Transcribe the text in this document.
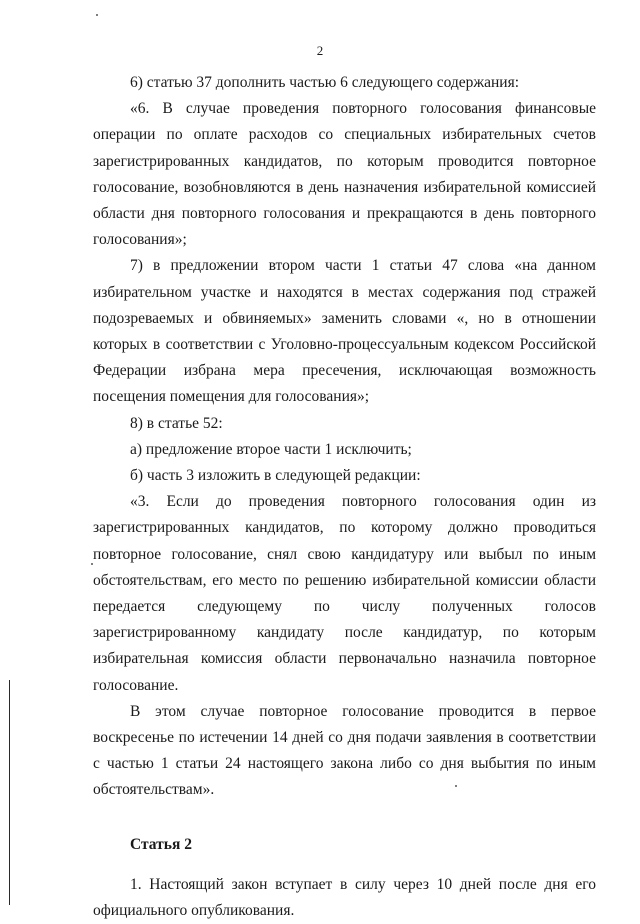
2

6) статью 37 дополнить частью 6 следующего содержания:

«6. В случае проведения повторного голосования финансовые операции по оплате расходов со специальных избирательных счетов зарегистрированных кандидатов, по которым проводится повторное голосование, возобновляются в день назначения избирательной комиссией области дня повторного голосования и прекращаются в день повторного голосования»;

7) в предложении втором части 1 статьи 47 слова «на данном избирательном участке и находятся в местах содержания под стражей подозреваемых и обвиняемых» заменить словами «, но в отношении которых в соответствии с Уголовно-процессуальным кодексом Российской Федерации избрана мера пресечения, исключающая возможность посещения помещения для голосования»;

8) в статье 52:

а) предложение второе части 1 исключить;

б) часть 3 изложить в следующей редакции:

«3. Если до проведения повторного голосования один из зарегистрированных кандидатов, по которому должно проводиться повторное голосование, снял свою кандидатуру или выбыл по иным обстоятельствам, его место по решению избирательной комиссии области передается следующему по числу полученных голосов зарегистрированному кандидату после кандидатур, по которым избирательная комиссия области первоначально назначила повторное голосование.

В этом случае повторное голосование проводится в первое воскресенье по истечении 14 дней со дня подачи заявления в соответствии с частью 1 статьи 24 настоящего закона либо со дня выбытия по иным обстоятельствам».

Статья 2

1. Настоящий закон вступает в силу через 10 дней после дня его официального опубликования.
